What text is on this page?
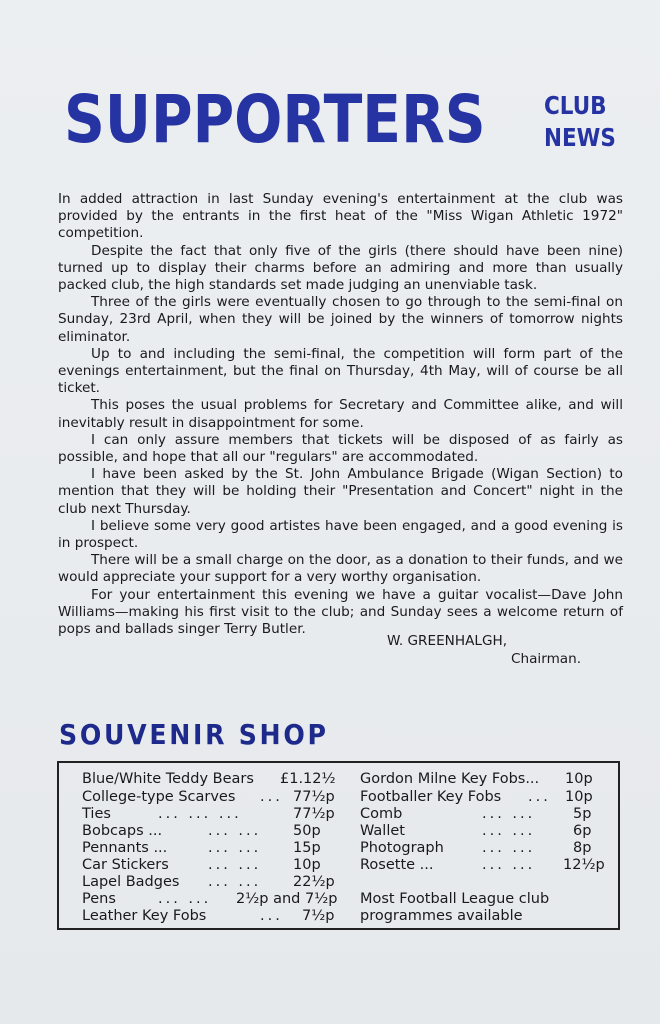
SUPPORTERS CLUB
NEWS

In added attraction in last Sunday evening's entertainment at the club was provided by the entrants in the first heat of the "Miss Wigan Athletic 1972" competition.

Despite the fact that only five of the girls (there should have been nine) turned up to display their charms before an admiring and more than usually packed club, the high standards set made judging an unenviable task.

Three of the girls were eventually chosen to go through to the semi-final on Sunday, 23rd April, when they will be joined by the winners of tomorrow nights eliminator.

Up to and including the semi-final, the competition will form part of the evenings entertainment, but the final on Thursday, 4th May, will of course be all ticket.

This poses the usual problems for Secretary and Committee alike, and will inevitably result in disappointment for some.

I can only assure members that tickets will be disposed of as fairly as possible, and hope that all our "regulars" are accommodated.

I have been asked by the St. John Ambulance Brigade (Wigan Section) to mention that they will be holding their "Presentation and Concert" night in the club next Thursday.

I believe some very good artistes have been engaged, and a good evening is in prospect.

There will be a small charge on the door, as a donation to their funds, and we would appreciate your support for a very worthy organisation.

For your entertainment this evening we have a guitar vocalist—Dave John Williams—making his first visit to the club; and Sunday sees a welcome return of pops and ballads singer Terry Butler.

W. GREENHALGH,
Chairman.
SOUVENIR SHOP
Blue/White Teddy Bears £1.12½
College-type Scarves ... 77½p
Ties	... ... ...	77½p
Bobcaps ...	... ... 50p
Pennants ...	... ... 15p
Car Stickers	... ... 10p
Lapel Badges ... ... 22½p
Pens	... ... 2½p and 7½p
Leather Key Fobs	... 7½p
Gordon Milne Key Fobs... 10p
Footballer Key Fobs ... 10p
Comb	... ...	5p
Wallet	... ...	6p
Photograph	... ...	8p
Rosette ...	... ... 12½p
Most Football League club
programmes available
